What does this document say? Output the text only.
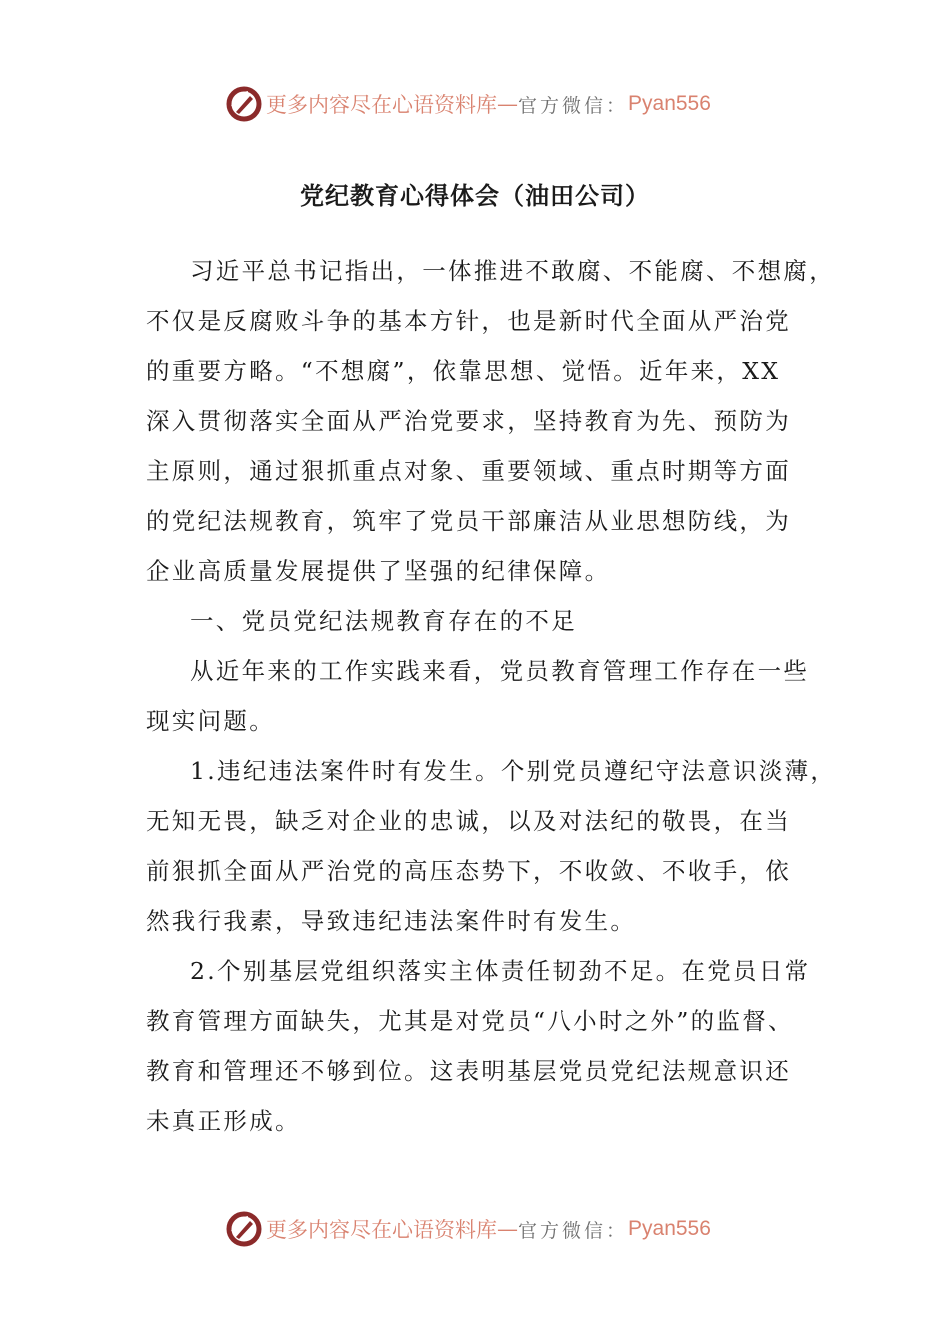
更多内容尽在心语资料库 — 官方微信： Pyan556
党纪教育心得体会（油田公司）
习近平总书记指出，一体推进不敢腐、不能腐、不想腐，
不仅是反腐败斗争的基本方针，也是新时代全面从严治党
的重要方略。“不想腐”，依靠思想、觉悟。近年来，XX
深入贯彻落实全面从严治党要求，坚持教育为先、预防为
主原则，通过狠抓重点对象、重要领域、重点时期等方面
的党纪法规教育，筑牢了党员干部廉洁从业思想防线，为
企业高质量发展提供了坚强的纪律保障。
一、党员党纪法规教育存在的不足
从近年来的工作实践来看，党员教育管理工作存在一些
现实问题。
1.违纪违法案件时有发生。个别党员遵纪守法意识淡薄，
无知无畏，缺乏对企业的忠诚，以及对法纪的敬畏，在当
前狠抓全面从严治党的高压态势下，不收敛、不收手，依
然我行我素，导致违纪违法案件时有发生。
2.个别基层党组织落实主体责任韧劲不足。在党员日常
教育管理方面缺失，尤其是对党员“八小时之外”的监督、
教育和管理还不够到位。这表明基层党员党纪法规意识还
未真正形成。
更多内容尽在心语资料库 — 官方微信： Pyan556
